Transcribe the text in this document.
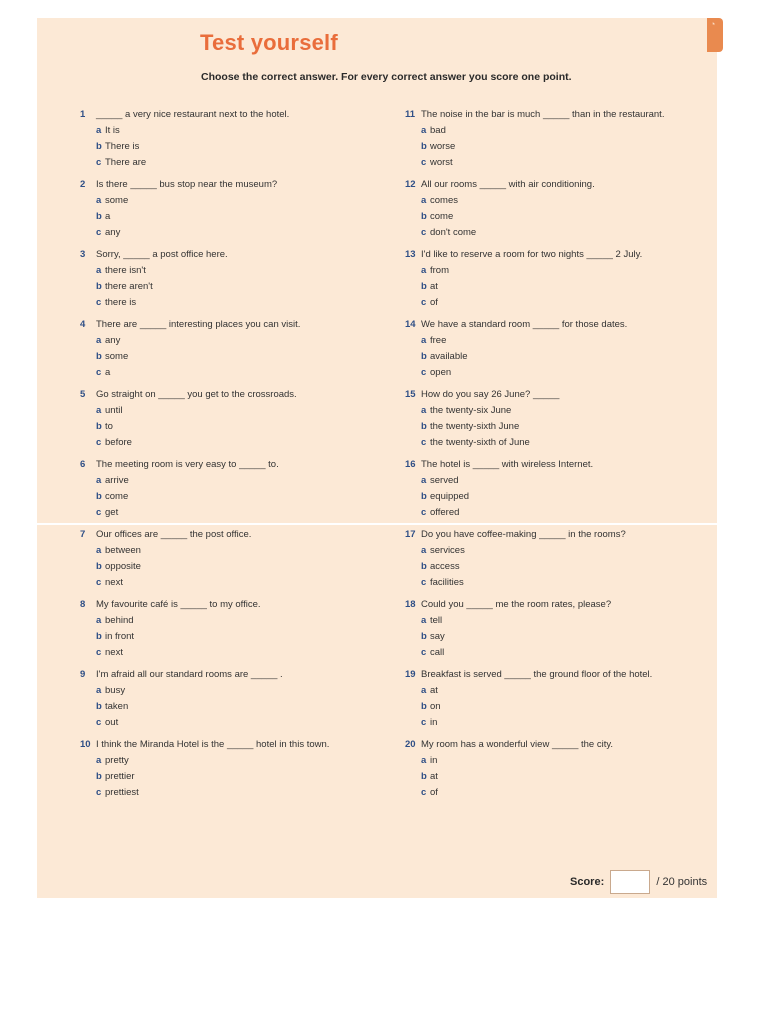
◔
Test yourself
Choose the correct answer. For every correct answer you score one point.
1 _____ a very nice restaurant next to the hotel.
a It is
b There is
c There are
2 Is there _____ bus stop near the museum?
a some
b a
c any
3 Sorry, _____ a post office here.
a there isn't
b there aren't
c there is
4 There are _____ interesting places you can visit.
a any
b some
c a
5 Go straight on _____ you get to the crossroads.
a until
b to
c before
6 The meeting room is very easy to _____ to.
a arrive
b come
c get
7 Our offices are _____ the post office.
a between
b opposite
c next
8 My favourite café is _____ to my office.
a behind
b in front
c next
9 I'm afraid all our standard rooms are _____ .
a busy
b taken
c out
10 I think the Miranda Hotel is the _____ hotel in this town.
a pretty
b prettier
c prettiest
11 The noise in the bar is much _____ than in the restaurant.
a bad
b worse
c worst
12 All our rooms _____ with air conditioning.
a comes
b come
c don't come
13 I'd like to reserve a room for two nights _____ 2 July.
a from
b at
c of
14 We have a standard room _____ for those dates.
a free
b available
c open
15 How do you say 26 June? _____
a the twenty-six June
b the twenty-sixth June
c the twenty-sixth of June
16 The hotel is _____ with wireless Internet.
a served
b equipped
c offered
17 Do you have coffee-making _____ in the rooms?
a services
b access
c facilities
18 Could you _____ me the room rates, please?
a tell
b say
c call
19 Breakfast is served _____ the ground floor of the hotel.
a at
b on
c in
20 My room has a wonderful view _____ the city.
a in
b at
c of
Score:	/ 20 points
